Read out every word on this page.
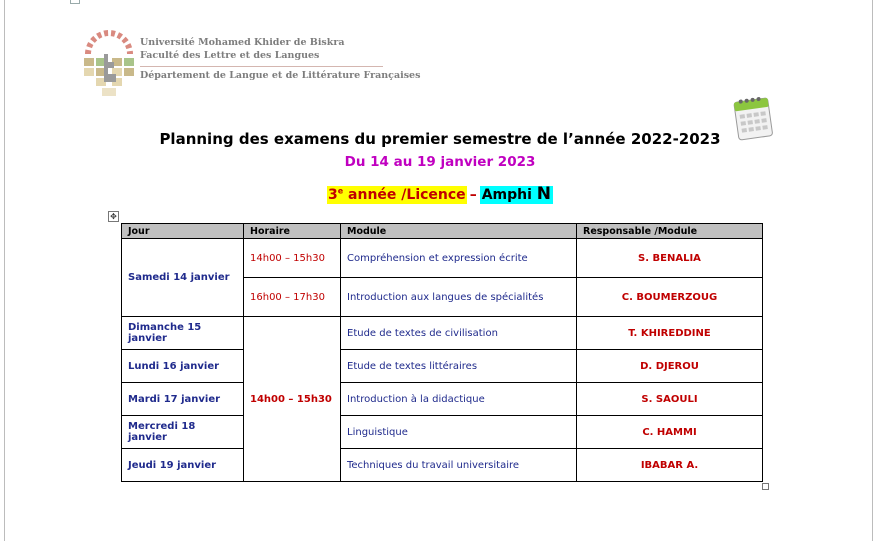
Université Mohamed Khider de Biskra
Faculté des Lettre et des Langues
Département de Langue et de Littérature Françaises
Planning des examens du premier semestre de l’année 2022-2023
Du 14 au 19 janvier 2023
3e année /Licence – Amphi N
✥
Jour	Horaire	Module	Responsable /Module
Samedi 14 janvier	14h00 – 15h30	Compréhension et expression écrite	S. BENALIA
	16h00 – 17h30	Introduction aux langues de spécialités	C. BOUMERZOUG
Dimanche 15 janvier	14h00 – 15h30	Etude de textes de civilisation	T. KHIREDDINE
Lundi 16 janvier		Etude de textes littéraires	D. DJEROU
Mardi 17 janvier		Introduction à la didactique	S. SAOULI
Mercredi 18 janvier		Linguistique	C. HAMMI
Jeudi 19 janvier		Techniques du travail universitaire	IBABAR A.
